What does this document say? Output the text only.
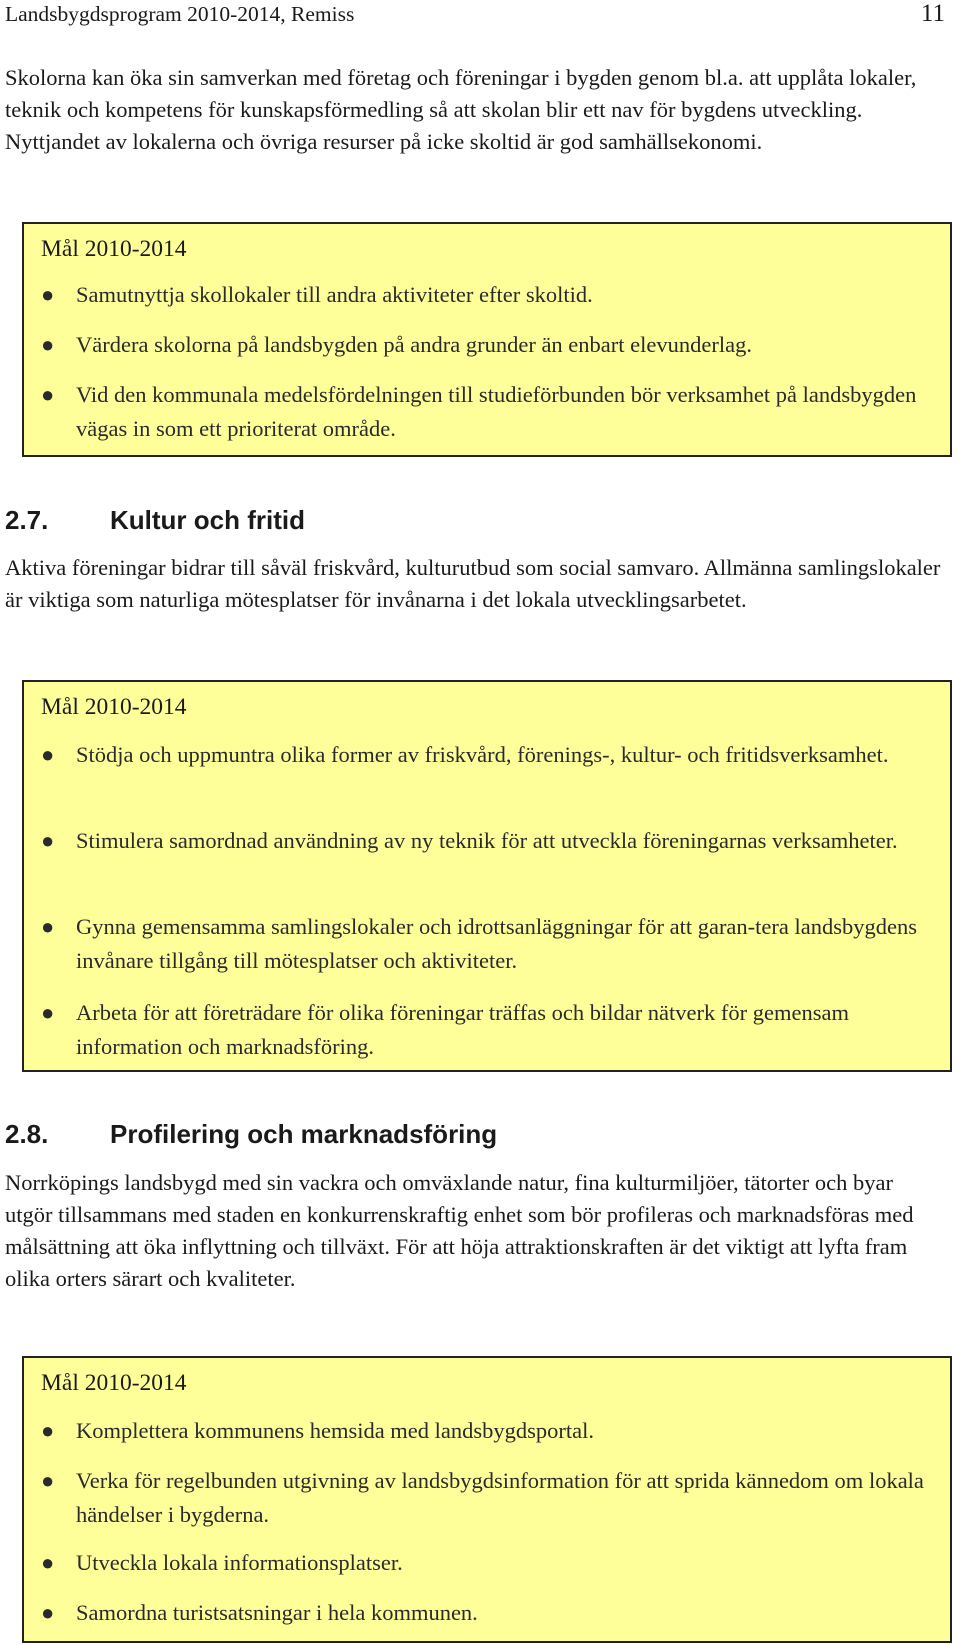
Landsbygdsprogram 2010-2014, Remiss	11

Skolorna kan öka sin samverkan med företag och föreningar i bygden genom bl.a. att upplåta lokaler, teknik och kompetens för kunskapsförmedling så att skolan blir ett nav för bygdens utveckling. Nyttjandet av lokalerna och övriga resurser på icke skoltid är god samhällsekonomi.

Mål 2010-2014
● Samutnyttja skollokaler till andra aktiviteter efter skoltid.
● Värdera skolorna på landsbygden på andra grunder än enbart elevunderlag.
● Vid den kommunala medelsfördelningen till studieförbunden bör verksamhet på landsbygden vägas in som ett prioriterat område.
2.7. Kultur och fritid

Aktiva föreningar bidrar till såväl friskvård, kulturutbud som social samvaro. Allmänna samlingslokaler är viktiga som naturliga mötesplatser för invånarna i det lokala utvecklingsarbetet.

Mål 2010-2014
● Stödja och uppmuntra olika former av friskvård, förenings-, kultur- och fritidsverksamhet.
● Stimulera samordnad användning av ny teknik för att utveckla föreningarnas verksamheter.
● Gynna gemensamma samlingslokaler och idrottsanläggningar för att garan-tera landsbygdens invånare tillgång till mötesplatser och aktiviteter.
● Arbeta för att företrädare för olika föreningar träffas och bildar nätverk för gemensam information och marknadsföring.
2.8. Profilering och marknadsföring

Norrköpings landsbygd med sin vackra och omväxlande natur, fina kulturmiljöer, tätorter och byar utgör tillsammans med staden en konkurrenskraftig enhet som bör profileras och marknadsföras med målsättning att öka inflyttning och tillväxt. För att höja attraktionskraften är det viktigt att lyfta fram olika orters särart och kvaliteter.

Mål 2010-2014
● Komplettera kommunens hemsida med landsbygdsportal.
● Verka för regelbunden utgivning av landsbygdsinformation för att sprida kännedom om lokala händelser i bygderna.
● Utveckla lokala informationsplatser.
● Samordna turistsatsningar i hela kommunen.
